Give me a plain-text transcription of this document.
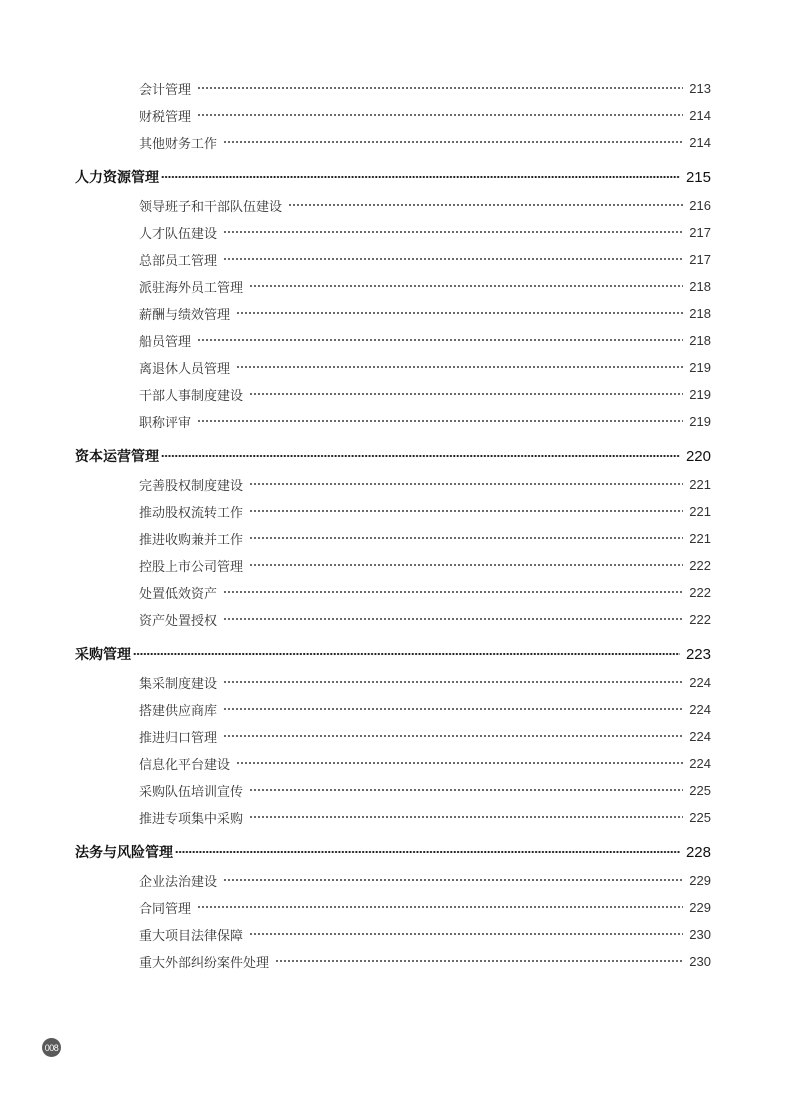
会计管理	213
财税管理	214
其他财务工作	214
人力资源管理	215
领导班子和干部队伍建设	216
人才队伍建设	217
总部员工管理	217
派驻海外员工管理	218
薪酬与绩效管理	218
船员管理	218
离退休人员管理	219
干部人事制度建设	219
职称评审	219
资本运营管理	220
完善股权制度建设	221
推动股权流转工作	221
推进收购兼并工作	221
控股上市公司管理	222
处置低效资产	222
资产处置授权	222
采购管理	223
集采制度建设	224
搭建供应商库	224
推进归口管理	224
信息化平台建设	224
采购队伍培训宣传	225
推进专项集中采购	225
法务与风险管理	228
企业法治建设	229
合同管理	229
重大项目法律保障	230
重大外部纠纷案件处理	230
008
